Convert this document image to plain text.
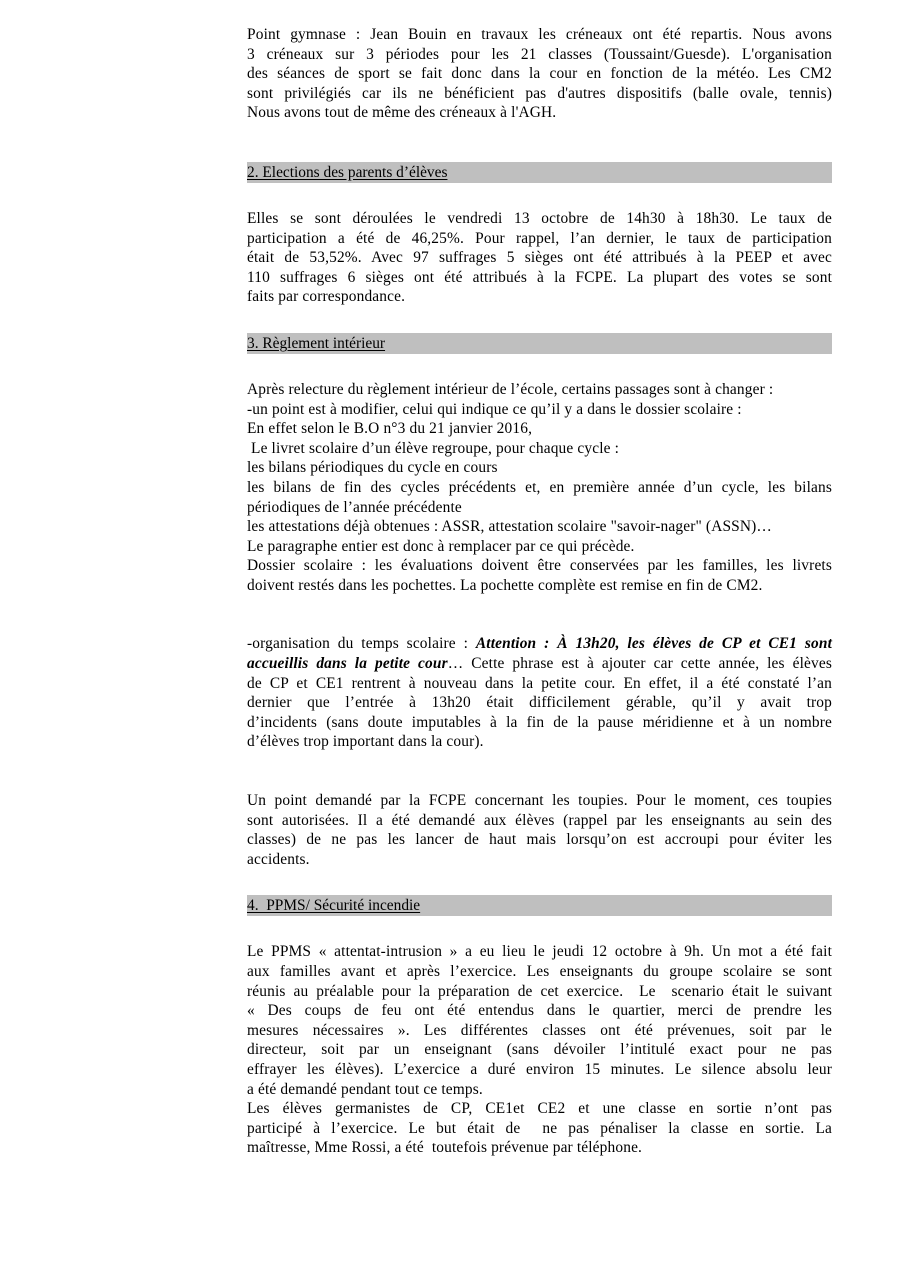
Point gymnase : Jean Bouin en travaux les créneaux ont été repartis. Nous avons
3 créneaux sur 3 périodes pour les 21 classes (Toussaint/Guesde). L'organisation
des séances de sport se fait donc dans la cour en fonction de la météo. Les CM2
sont privilégiés car ils ne bénéficient pas d'autres dispositifs (balle ovale, tennis)
Nous avons tout de même des créneaux à l'AGH.
2. Elections des parents d’élèves
Elles se sont déroulées le vendredi 13 octobre de 14h30 à 18h30. Le taux de
participation a été de 46,25%. Pour rappel, l’an dernier, le taux de participation
était de 53,52%. Avec 97 suffrages 5 sièges ont été attribués à la PEEP et avec
110 suffrages 6 sièges ont été attribués à la FCPE. La plupart des votes se sont
faits par correspondance.
3. Règlement intérieur
Après relecture du règlement intérieur de l’école, certains passages sont à changer :
-un point est à modifier, celui qui indique ce qu’il y a dans le dossier scolaire :
En effet selon le B.O n°3 du 21 janvier 2016,
Le livret scolaire d’un élève regroupe, pour chaque cycle :
les bilans périodiques du cycle en cours
les bilans de fin des cycles précédents et, en première année d’un cycle, les bilans
périodiques de l’année précédente
les attestations déjà obtenues : ASSR, attestation scolaire "savoir-nager" (ASSN)…
Le paragraphe entier est donc à remplacer par ce qui précède.
Dossier scolaire : les évaluations doivent être conservées par les familles, les livrets
doivent restés dans les pochettes. La pochette complète est remise en fin de CM2.
-organisation du temps scolaire : Attention : À 13h20, les élèves de CP et CE1 sont
accueillis dans la petite cour… Cette phrase est à ajouter car cette année, les élèves
de CP et CE1 rentrent à nouveau dans la petite cour. En effet, il a été constaté l’an
dernier que l’entrée à 13h20 était difficilement gérable, qu’il y avait trop
d’incidents (sans doute imputables à la fin de la pause méridienne et à un nombre
d’élèves trop important dans la cour).
Un point demandé par la FCPE concernant les toupies. Pour le moment, ces toupies
sont autorisées. Il a été demandé aux élèves (rappel par les enseignants au sein des
classes) de ne pas les lancer de haut mais lorsqu’on est accroupi pour éviter les
accidents.
4.  PPMS/ Sécurité incendie
Le PPMS « attentat-intrusion » a eu lieu le jeudi 12 octobre à 9h. Un mot a été fait
aux familles avant et après l’exercice. Les enseignants du groupe scolaire se sont
réunis au préalable pour la préparation de cet exercice.  Le  scenario était le suivant
« Des coups de feu ont été entendus dans le quartier, merci de prendre les
mesures nécessaires ». Les différentes classes ont été prévenues, soit par le
directeur, soit par un enseignant (sans dévoiler l’intitulé exact pour ne pas
effrayer les élèves). L’exercice a duré environ 15 minutes. Le silence absolu leur
a été demandé pendant tout ce temps.
Les élèves germanistes de CP, CE1et CE2 et une classe en sortie n’ont pas
participé à l’exercice. Le but était de  ne pas pénaliser la classe en sortie. La
maîtresse, Mme Rossi, a été  toutefois prévenue par téléphone.
